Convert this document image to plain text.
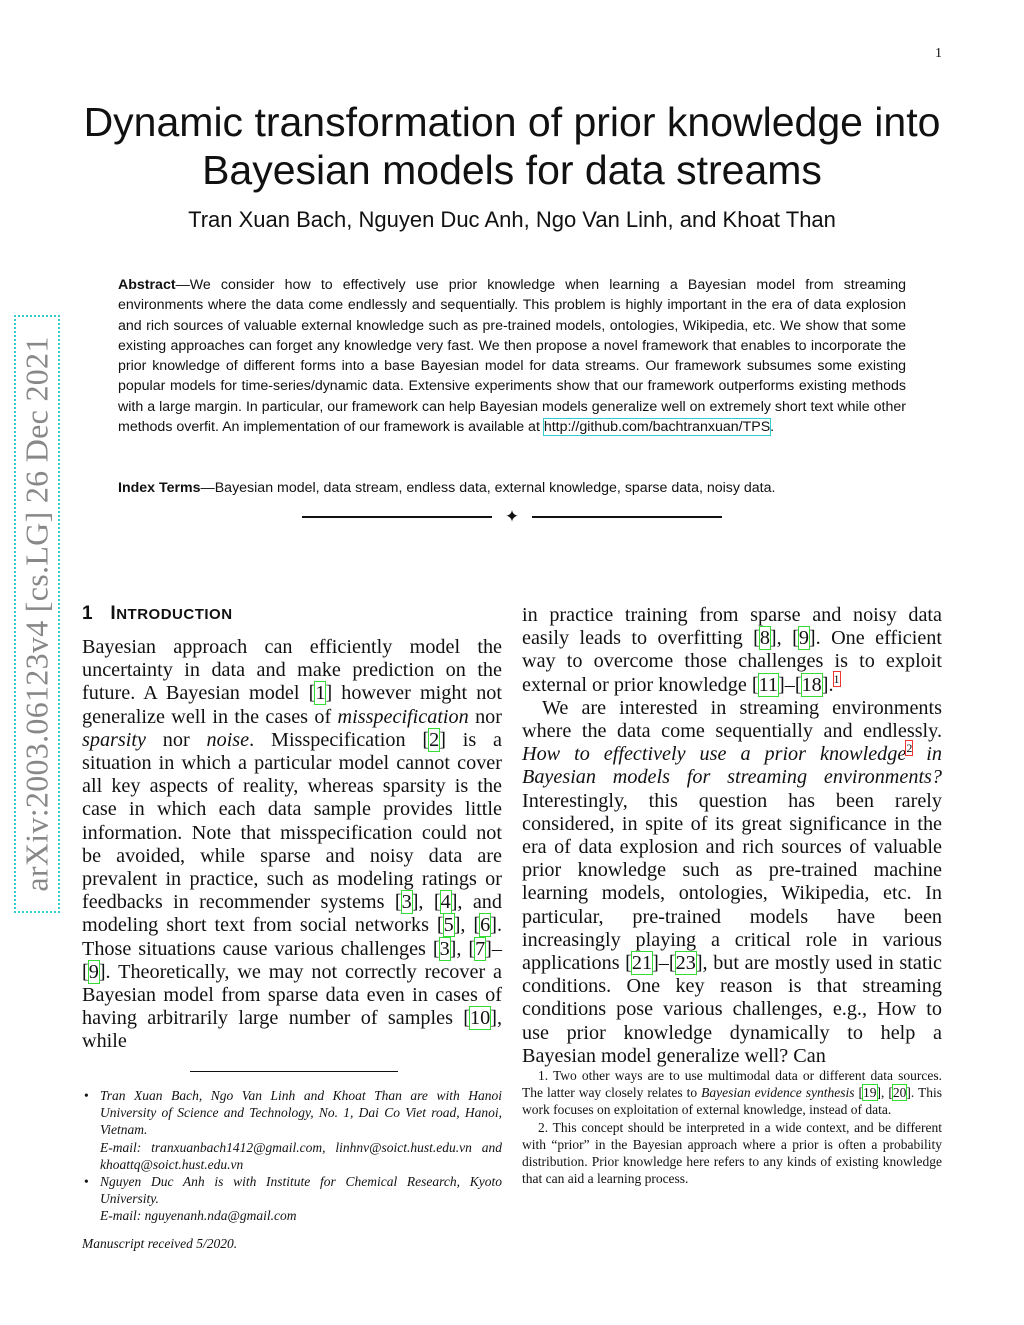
1
arXiv:2003.06123v4 [cs.LG] 26 Dec 2021
Dynamic transformation of prior knowledge into
Bayesian models for data streams
Tran Xuan Bach, Nguyen Duc Anh, Ngo Van Linh, and Khoat Than

Abstract—We consider how to effectively use prior knowledge when learning a Bayesian model from streaming environments where the data come endlessly and sequentially. This problem is highly important in the era of data explosion and rich sources of valuable external knowledge such as pre-trained models, ontologies, Wikipedia, etc. We show that some existing approaches can forget any knowledge very fast. We then propose a novel framework that enables to incorporate the prior knowledge of different forms into a base Bayesian model for data streams. Our framework subsumes some existing popular models for time-series/dynamic data. Extensive experiments show that our framework outperforms existing methods with a large margin. In particular, our framework can help Bayesian models generalize well on extremely short text while other methods overfit. An implementation of our framework is available at http://github.com/bachtranxuan/TPS.

Index Terms—Bayesian model, data stream, endless data, external knowledge, sparse data, noisy data.

✦
1 INTRODUCTION

Bayesian approach can efficiently model the uncertainty in data and make prediction on the future. A Bayesian model [1] however might not generalize well in the cases of misspecification nor sparsity nor noise. Misspecification [2] is a situation in which a particular model cannot cover all key aspects of reality, whereas sparsity is the case in which each data sample provides little information. Note that misspecification could not be avoided, while sparse and noisy data are prevalent in practice, such as modeling ratings or feedbacks in recommender systems [3], [4], and modeling short text from social networks [5], [6]. Those situations cause various challenges [3], [7]–[9]. Theoretically, we may not correctly recover a Bayesian model from sparse data even in cases of having arbitrarily large number of samples [10], while

in practice training from sparse and noisy data easily leads to overfitting [8], [9]. One efficient way to overcome those challenges is to exploit external or prior knowledge [11]–[18].$^1$

We are interested in streaming environments where the data come sequentially and endlessly. How to effectively use a prior knowledge$^2$ in Bayesian models for streaming environments? Interestingly, this question has been rarely considered, in spite of its great significance in the era of data explosion and rich sources of valuable prior knowledge such as pre-trained machine learning models, ontologies, Wikipedia, etc. In particular, pre-trained models have been increasingly playing a critical role in various applications [21]–[23], but are mostly used in static conditions. One key reason is that streaming conditions pose various challenges, e.g., How to use prior knowledge dynamically to help a Bayesian model generalize well? Can

• Tran Xuan Bach, Ngo Van Linh and Khoat Than are with Hanoi University of Science and Technology, No. 1, Dai Co Viet road, Hanoi, Vietnam.
E-mail: tranxuanbach1412@gmail.com, linhnv@soict.hust.edu.vn and khoattq@soict.hust.edu.vn
• Nguyen Duc Anh is with Institute for Chemical Research, Kyoto University.
E-mail: nguyenanh.nda@gmail.com
Manuscript received 5/2020.

1. Two other ways are to use multimodal data or different data sources. The latter way closely relates to Bayesian evidence synthesis [19], [20]. This work focuses on exploitation of external knowledge, instead of data.

2. This concept should be interpreted in a wide context, and be different with “prior” in the Bayesian approach where a prior is often a probability distribution. Prior knowledge here refers to any kinds of existing knowledge that can aid a learning process.
